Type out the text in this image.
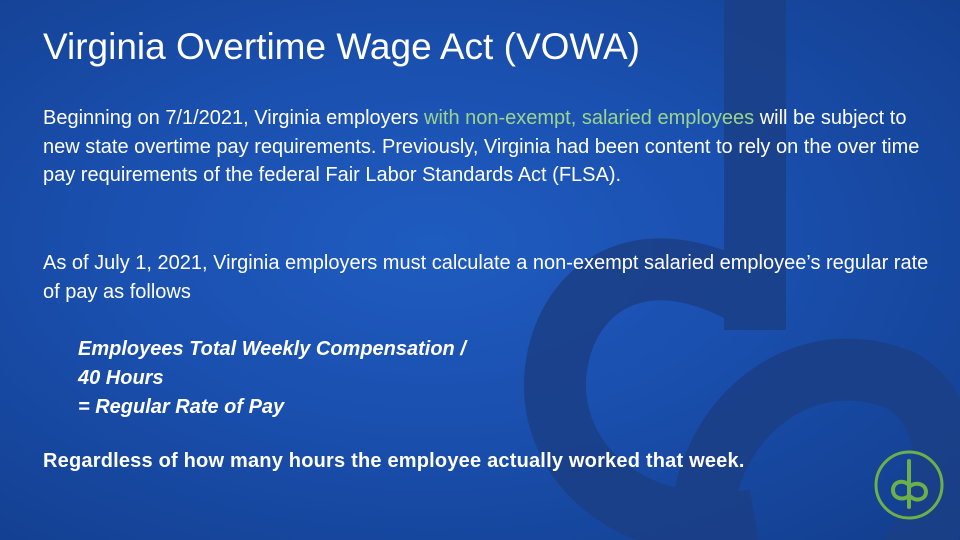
Virginia Overtime Wage Act (VOWA)

Beginning on 7/1/2021, Virginia employers with non-exempt, salaried employees will be subject to new state overtime pay requirements. Previously, Virginia had been content to rely on the over time pay requirements of the federal Fair Labor Standards Act (FLSA).

As of July 1, 2021, Virginia employers must calculate a non-exempt salaried employee’s regular rate of pay as follows

Employees Total Weekly Compensation /
40 Hours
= Regular Rate of Pay

Regardless of how many hours the employee actually worked that week.
